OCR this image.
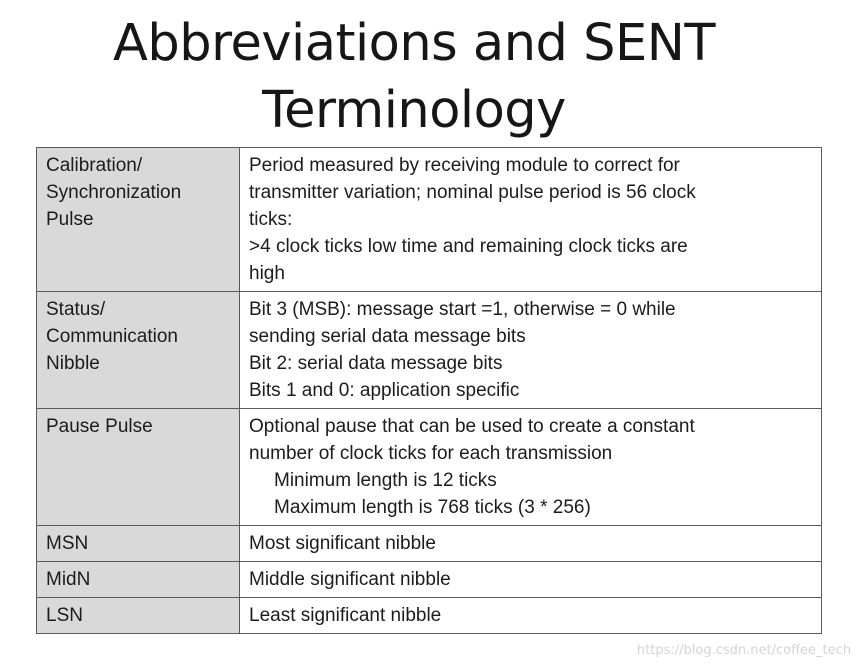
Abbreviations and SENT
Terminology
Calibration/
Synchronization
Pulse	Period measured by receiving module to correct for
transmitter variation; nominal pulse period is 56 clock
ticks:
>4 clock ticks low time and remaining clock ticks are
high

Status/
Communication
Nibble	Bit 3 (MSB): message start =1, otherwise = 0 while
sending serial data message bits
Bit 2: serial data message bits
Bits 1 and 0: application specific

Pause Pulse	Optional pause that can be used to create a constant
number of clock ticks for each transmission
Minimum length is 12 ticks
Maximum length is 768 ticks (3 * 256)

MSN	Most significant nibble

MidN	Middle significant nibble

LSN	Least significant nibble
https://blog.csdn.net/coffee_tech
